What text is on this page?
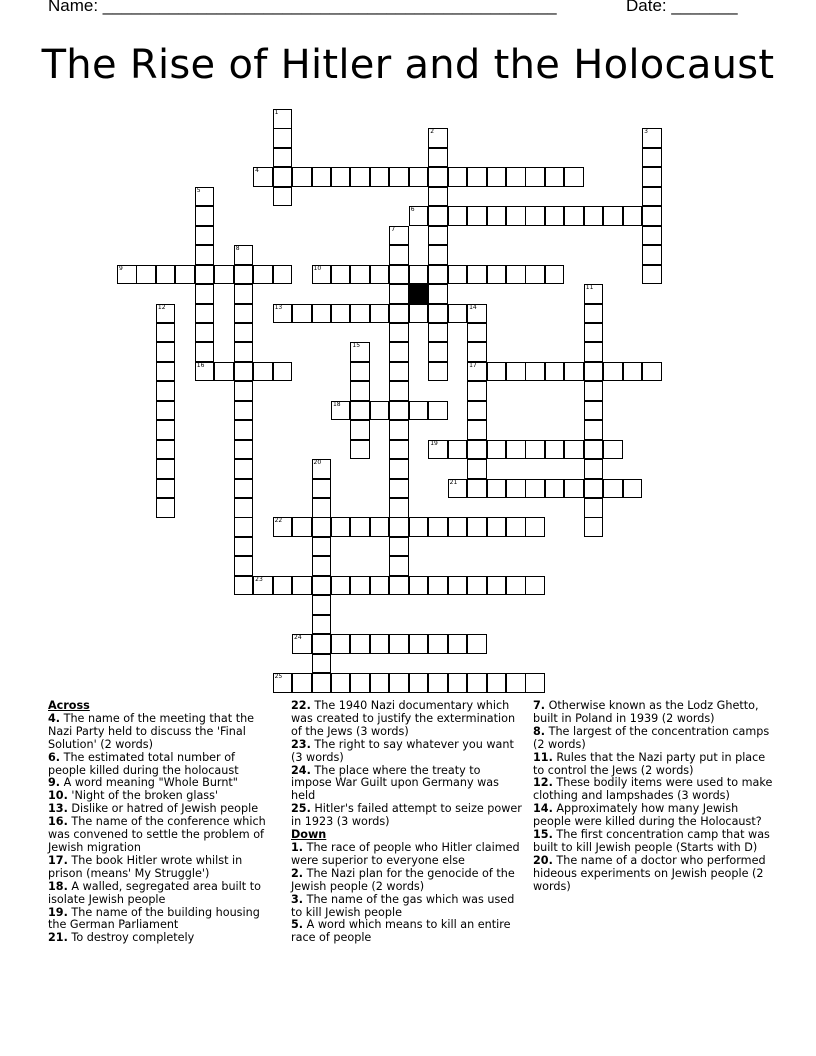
Name: ________________________________________________	Date: _______
The Rise of Hitler and the Holocaust
1
2	3
4
5
6
7
8
9	10
11
12	13	14
17
15
16
18
19
20
21
22
23
24
25

Across

4. The name of the meeting that the Nazi Party held to discuss the 'Final Solution' (2 words)

6. The estimated total number of people killed during the holocaust

9. A word meaning "Whole Burnt"

10. 'Night of the broken glass'

13. Dislike or hatred of Jewish people

16. The name of the conference which was convened to settle the problem of Jewish migration

17. The book Hitler wrote whilst in prison (means' My Struggle')

18. A walled, segregated area built to isolate Jewish people

19. The name of the building housing the German Parliament

21. To destroy completely

22. The 1940 Nazi documentary which was created to justify the extermination of the Jews (3 words)

23. The right to say whatever you want (3 words)

24. The place where the treaty to impose War Guilt upon Germany was held

25. Hitler's failed attempt to seize power in 1923 (3 words)

Down

1. The race of people who Hitler claimed were superior to everyone else

2. The Nazi plan for the genocide of the Jewish people (2 words)

3. The name of the gas which was used to kill Jewish people

5. A word which means to kill an entire race of people

7. Otherwise known as the Lodz Ghetto, built in Poland in 1939 (2 words)

8. The largest of the concentration camps (2 words)

11. Rules that the Nazi party put in place to control the Jews (2 words)

12. These bodily items were used to make clothing and lampshades (3 words)

14. Approximately how many Jewish people were killed during the Holocaust?

15. The first concentration camp that was built to kill Jewish people (Starts with D)

20. The name of a doctor who performed hideous experiments on Jewish people (2 words)
